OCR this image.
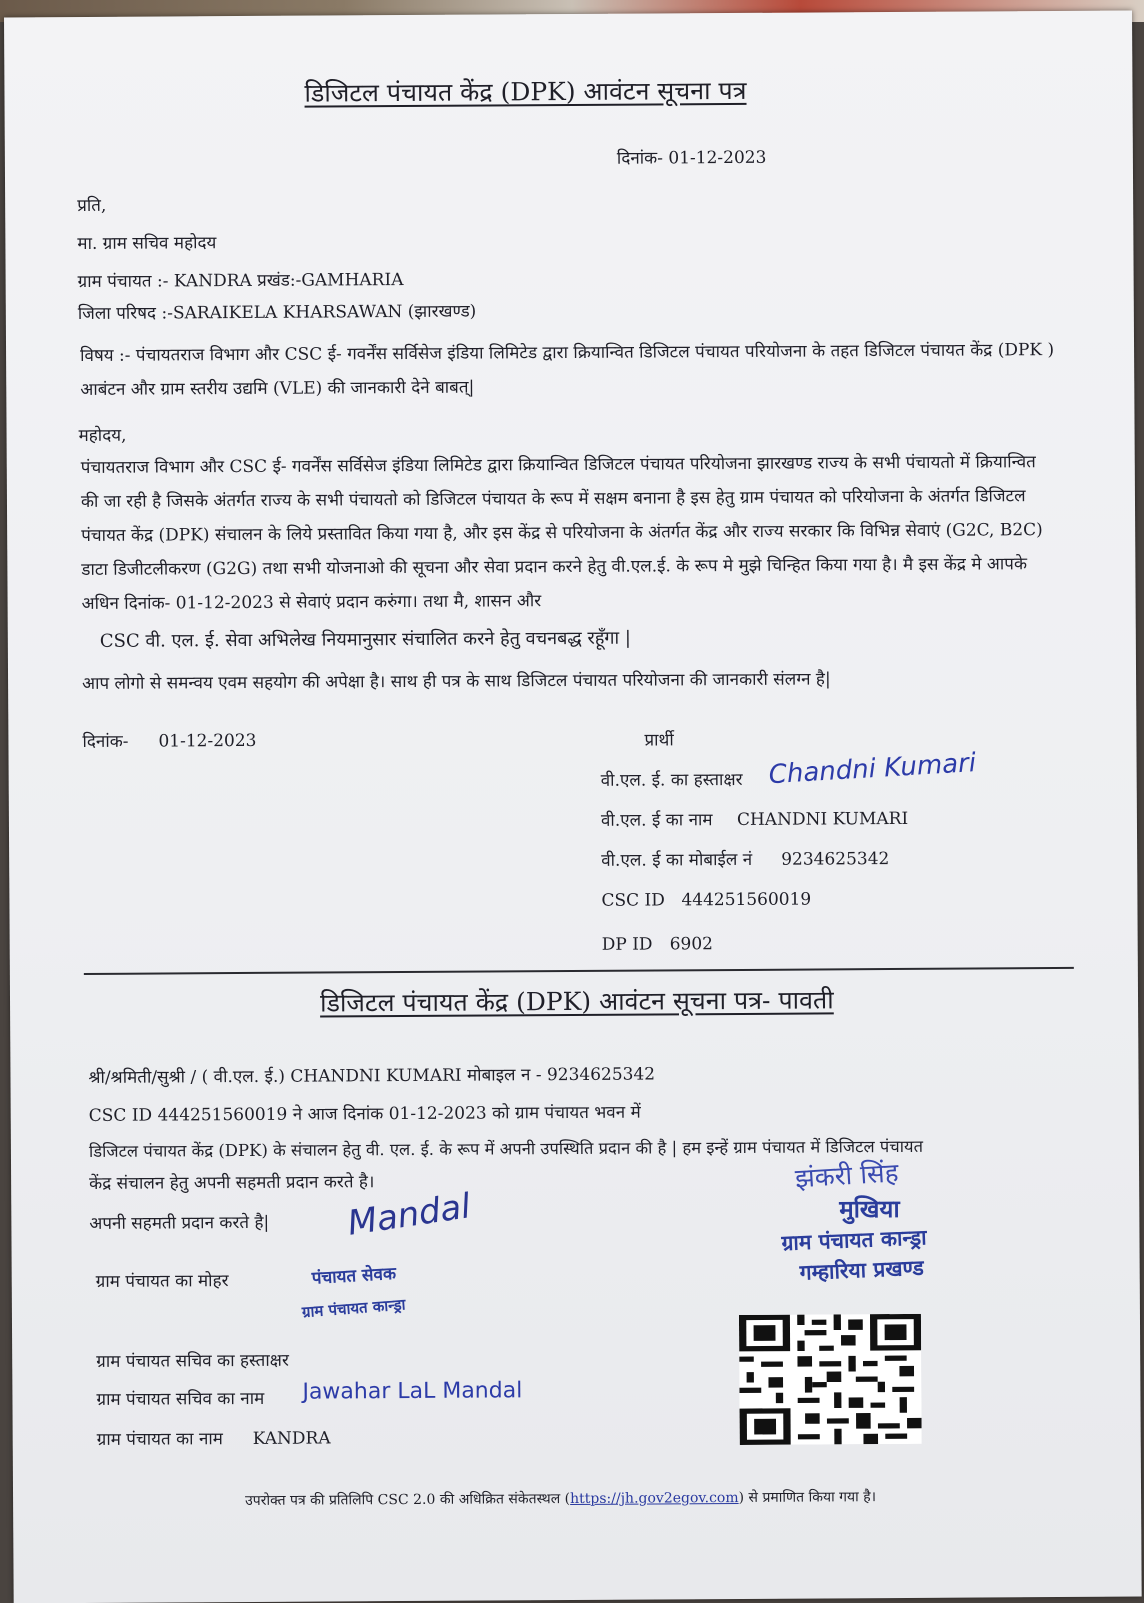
डिजिटल पंचायत केंद्र (DPK) आवंटन सूचना पत्र
दिनांक- 01-12-2023
प्रति,
मा. ग्राम सचिव महोदय
ग्राम पंचायत :- KANDRA प्रखंड:-GAMHARIA
जिला परिषद :-SARAIKELA KHARSAWAN (झारखण्ड)
विषय :- पंचायतराज विभाग और CSC ई- गवर्नेंस सर्विसेज इंडिया लिमिटेड द्वारा क्रियान्वित डिजिटल पंचायत परियोजना के तहत डिजिटल पंचायत केंद्र (DPK ) आबंटन और ग्राम स्तरीय उद्यमि (VLE) की जानकारी देने बाबत्|
महोदय,
पंचायतराज विभाग और CSC ई- गवर्नेंस सर्विसेज इंडिया लिमिटेड द्वारा क्रियान्वित डिजिटल पंचायत परियोजना झारखण्ड राज्य के सभी पंचायतो में क्रियान्वित की जा रही है जिसके अंतर्गत राज्य के सभी पंचायतो को डिजिटल पंचायत के रूप में सक्षम बनाना है इस हेतु ग्राम पंचायत को परियोजना के अंतर्गत डिजिटल पंचायत केंद्र (DPK) संचालन के लिये प्रस्तावित किया गया है, और इस केंद्र से परियोजना के अंतर्गत केंद्र और राज्य सरकार कि विभिन्न सेवाएं (G2C, B2C) डाटा डिजीटलीकरण (G2G) तथा सभी योजनाओ की सूचना और सेवा प्रदान करने हेतु वी.एल.ई. के रूप मे मुझे चिन्हित किया गया है। मै इस केंद्र मे आपके अधिन दिनांक- 01-12-2023 से सेवाएं प्रदान करुंगा। तथा मै, शासन और
CSC वी. एल. ई. सेवा अभिलेख नियमानुसार संचालित करने हेतु वचनबद्ध रहूँगा |
आप लोगो से समन्वय एवम सहयोग की अपेक्षा है। साथ ही पत्र के साथ डिजिटल पंचायत परियोजना की जानकारी संलग्न है|
दिनांक- 01-12-2023	प्रार्थी
वी.एल. ई. का हस्ताक्षर Chandni Kumari
वी.एल. ई का नाम CHANDNI KUMARI
वी.एल. ई का मोबाईल नं 9234625342
CSC ID 444251560019
DP ID 6902
डिजिटल पंचायत केंद्र (DPK) आवंटन सूचना पत्र- पावती
श्री/श्रमिती/सुश्री / ( वी.एल. ई.) CHANDNI KUMARI मोबाइल न - 9234625342
CSC ID 444251560019 ने आज दिनांक 01-12-2023 को ग्राम पंचायत भवन में
डिजिटल पंचायत केंद्र (DPK) के संचालन हेतु वी. एल. ई. के रूप में अपनी उपस्थिति प्रदान की है | हम इन्हें ग्राम पंचायत में डिजिटल पंचायत
केंद्र संचालन हेतु अपनी सहमती प्रदान करते है।
अपनी सहमती प्रदान करते है| Mandal
ग्राम पंचायत का मोहर	पंचायत सेवक
ग्राम पंचायत कान्ड्रा
झंकरी सिंह
मुखिया
ग्राम पंचायत कान्ड्रा
गम्हारिया प्रखण्ड
ग्राम पंचायत सचिव का हस्ताक्षर
ग्राम पंचायत सचिव का नाम Jawahar LaL Mandal
ग्राम पंचायत का नाम KANDRA
उपरोक्त पत्र की प्रतिलिपि CSC 2.0 की अधिक्रित संकेतस्थल (https://jh.gov2egov.com) से प्रमाणित किया गया है।
